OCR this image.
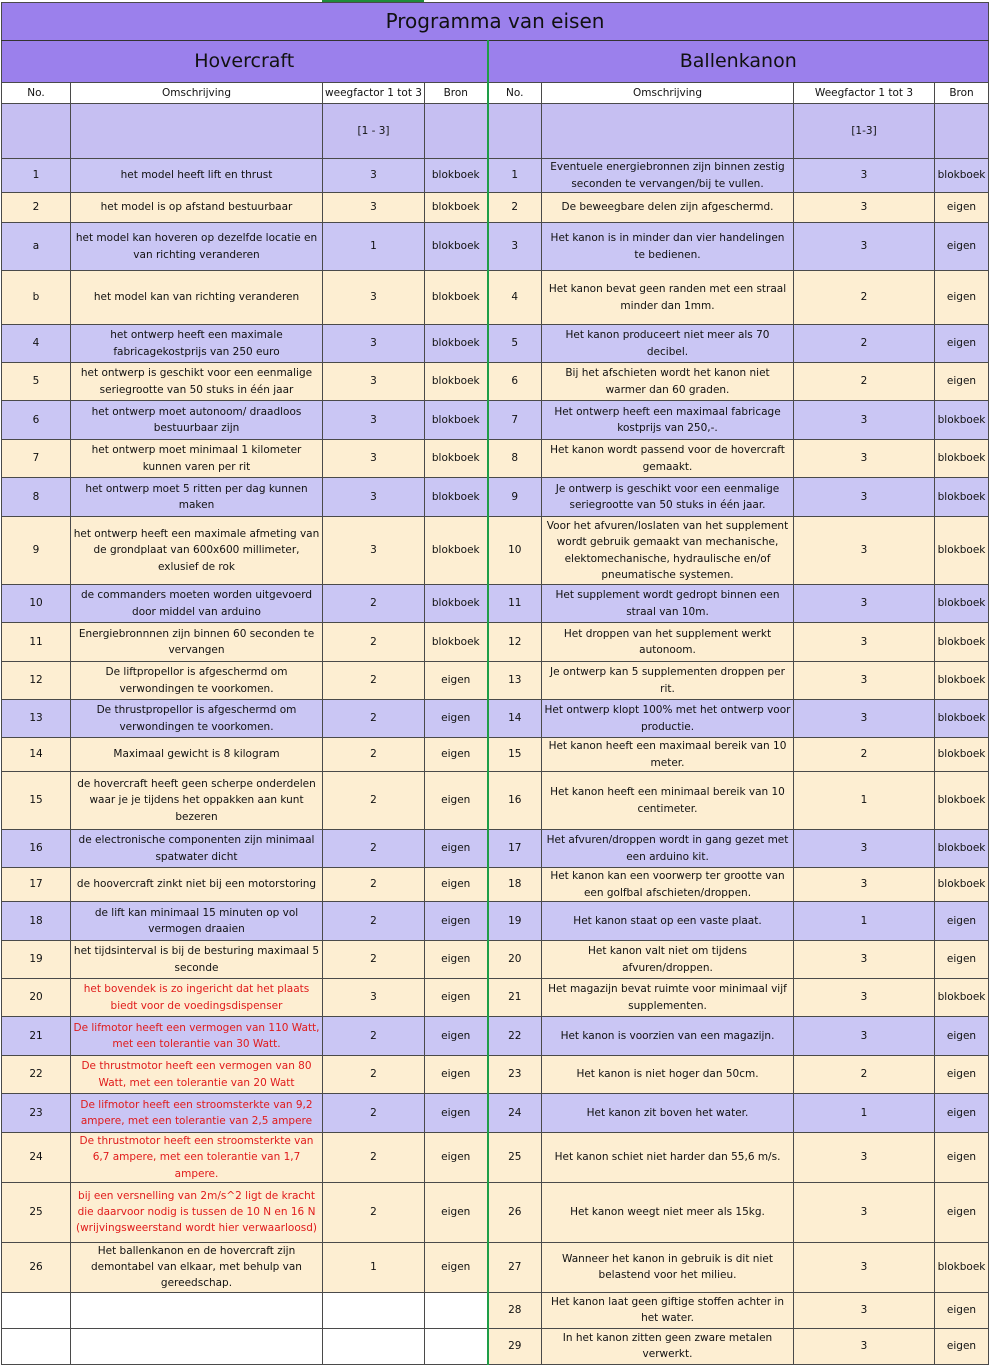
Programma van eisen							
Hovercraft				Ballenkanon			
No.	Omschrijving	weegfactor 1 tot 3	Bron	No.	Omschrijving	Weegfactor 1 tot 3	Bron
		[1 - 3]				[1-3]	
1	het model heeft lift en thrust	3	blokboek	1	Eventuele energiebronnen zijn binnen zestig seconden te vervangen/bij te vullen.	3	blokboek
2	het model is op afstand bestuurbaar	3	blokboek	2	De beweegbare delen zijn afgeschermd.	3	eigen
a	het model kan hoveren op dezelfde locatie en van richting veranderen	1	blokboek	3	Het kanon is in minder dan vier handelingen te bedienen.	3	eigen
b	het model kan van richting veranderen	3	blokboek	4	Het kanon bevat geen randen met een straal minder dan 1mm.	2	eigen
4	het ontwerp heeft een maximale fabricagekostprijs van 250 euro	3	blokboek	5	Het kanon produceert niet meer als 70 decibel.	2	eigen
5	het ontwerp is geschikt voor een eenmalige seriegrootte van 50 stuks in één jaar	3	blokboek	6	Bij het afschieten wordt het kanon niet warmer dan 60 graden.	2	eigen
6	het ontwerp moet autonoom/ draadloos bestuurbaar zijn	3	blokboek	7	Het ontwerp heeft een maximaal fabricage kostprijs van 250,-.	3	blokboek
7	het ontwerp moet minimaal 1 kilometer kunnen varen per rit	3	blokboek	8	Het kanon wordt passend voor de hovercraft gemaakt.	3	blokboek
8	het ontwerp moet 5 ritten per dag kunnen maken	3	blokboek	9	Je ontwerp is geschikt voor een eenmalige seriegrootte van 50 stuks in één jaar.	3	blokboek
9	het ontwerp heeft een maximale afmeting van de grondplaat van 600x600 millimeter, exlusief de rok	3	blokboek	10	Voor het afvuren/loslaten van het supplement wordt gebruik gemaakt van mechanische, elektomechanische, hydraulische en/of pneumatische systemen.	3	blokboek
10	de commanders moeten worden uitgevoerd door middel van arduino	2	blokboek	11	Het supplement wordt gedropt binnen een straal van 10m.	3	blokboek
11	Energiebronnnen zijn binnen 60 seconden te vervangen	2	blokboek	12	Het droppen van het supplement werkt autonoom.	3	blokboek
12	De liftpropellor is afgeschermd om verwondingen te voorkomen.	2	eigen	13	Je ontwerp kan 5 supplementen droppen per rit.	3	blokboek
13	De thrustpropellor is afgeschermd om verwondingen te voorkomen.	2	eigen	14	Het ontwerp klopt 100% met het ontwerp voor productie.	3	blokboek
14	Maximaal gewicht is 8 kilogram	2	eigen	15	Het kanon heeft een maximaal bereik van 10 meter.	2	blokboek
15	de hovercraft heeft geen scherpe onderdelen waar je je tijdens het oppakken aan kunt bezeren	2	eigen	16	Het kanon heeft een minimaal bereik van 10 centimeter.	1	blokboek
16	de electronische componenten zijn minimaal spatwater dicht	2	eigen	17	Het afvuren/droppen wordt in gang gezet met een arduino kit.	3	blokboek
17	de hoovercraft zinkt niet bij een motorstoring	2	eigen	18	Het kanon kan een voorwerp ter grootte van een golfbal afschieten/droppen.	3	blokboek
18	de lift kan minimaal 15 minuten op vol vermogen draaien	2	eigen	19	Het kanon staat op een vaste plaat.	1	eigen
19	het tijdsinterval is bij de besturing maximaal 5 seconde	2	eigen	20	Het kanon valt niet om tijdens afvuren/droppen.	3	eigen
20	het bovendek is zo ingericht dat het plaats biedt voor de voedingsdispenser	3	eigen	21	Het magazijn bevat ruimte voor minimaal vijf supplementen.	3	blokboek
21	De lifmotor heeft een vermogen van 110 Watt, met een tolerantie van 30 Watt.	2	eigen	22	Het kanon is voorzien van een magazijn.	3	eigen
22	De thrustmotor heeft een vermogen van 80 Watt, met een tolerantie van 20 Watt	2	eigen	23	Het kanon is niet hoger dan 50cm.	2	eigen
23	De lifmotor heeft een stroomsterkte van 9,2 ampere, met een tolerantie van 2,5 ampere	2	eigen	24	Het kanon zit boven het water.	1	eigen
24	De thrustmotor heeft een stroomsterkte van 6,7 ampere, met een tolerantie van 1,7 ampere.	2	eigen	25	Het kanon schiet niet harder dan 55,6 m/s.	3	eigen
25	bij een versnelling van 2m/s^2 ligt de kracht die daarvoor nodig is tussen de 10 N en 16 N (wrijvingsweerstand wordt hier verwaarloosd)	2	eigen	26	Het kanon weegt niet meer als 15kg.	3	eigen
26	Het ballenkanon en de hovercraft zijn demontabel van elkaar, met behulp van gereedschap.	1	eigen	27	Wanneer het kanon in gebruik is dit niet belastend voor het milieu.	3	blokboek
				28	Het kanon laat geen giftige stoffen achter in het water.	3	eigen
				29	In het kanon zitten geen zware metalen verwerkt.	3	eigen
